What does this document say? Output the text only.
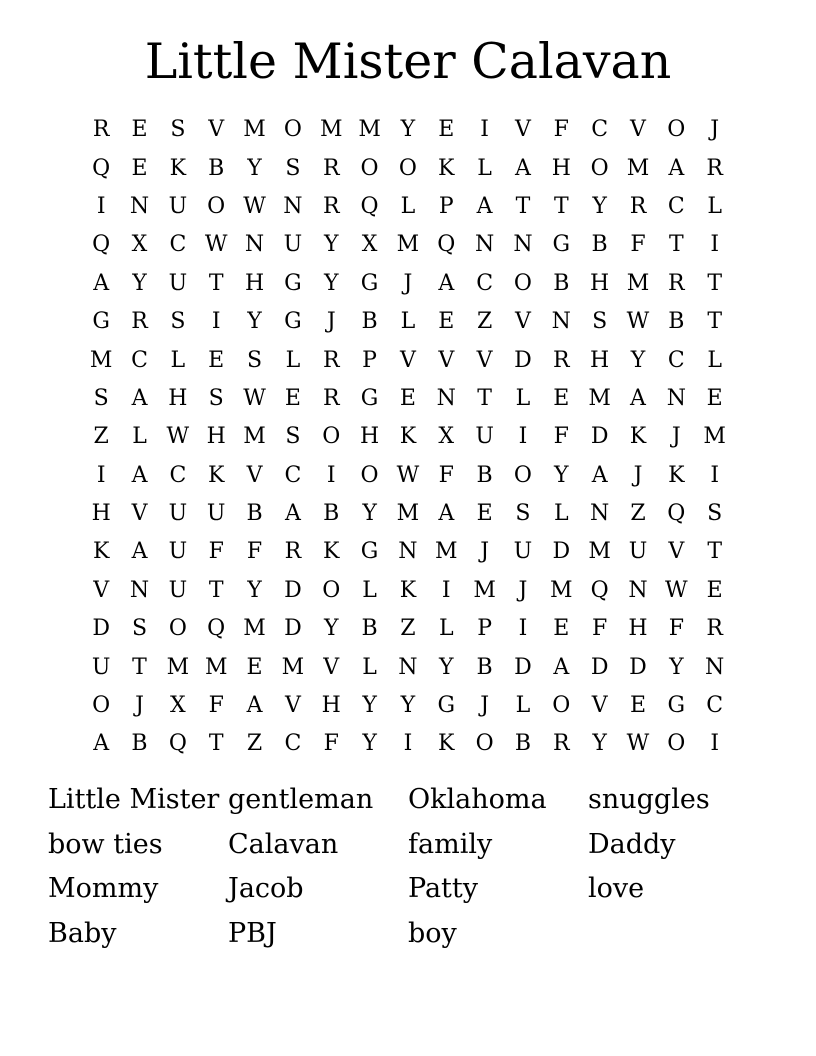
Little Mister Calavan
R	E	S	V M O M M Y	E	I	V	F	C V O	J
Q E	K	B	Y	S	R O O K	L	A H O M A	R
I	N U O W N R Q	L	P	A	T	T	Y	R C	L
Q X	C W N U Y	X M Q N N G B	F	T	I
A	Y U T H G	Y	G	J	A C O B H M R	T
G R	S	I	Y	G	J	B	L	E	Z	V N S W B	T
M C	L	E	S	L	R	P	V	V	V D R H Y	C	L
S	A H S W E	R G E N T	L	E M A N E
Z	L W H M S O H K	X U	I	F D K	J	M
I	A C K	V C	I	O W F	B O	Y	A	J	K	I
H V U U B	A	B	Y M A	E	S	L N Z Q S
K	A U F	F	R K G N M	J	U D M U V	T
V N U T	Y	D O	L	K	I	M	J	M Q N W E
D S O Q M D	Y	B	Z	L	P	I	E	F H F	R
U T M M E M V	L N Y	B D A D D	Y N
O	J	X	F	A	V H Y	Y	G	J	L	O V	E G C
A	B Q T	Z	C	F	Y	I	K O B R	Y W O	I
Little Mister gentleman	Oklahoma	snuggles
bow ties	Calavan	family	Daddy
Mommy	Jacob	Patty	love
Baby	PBJ	boy
